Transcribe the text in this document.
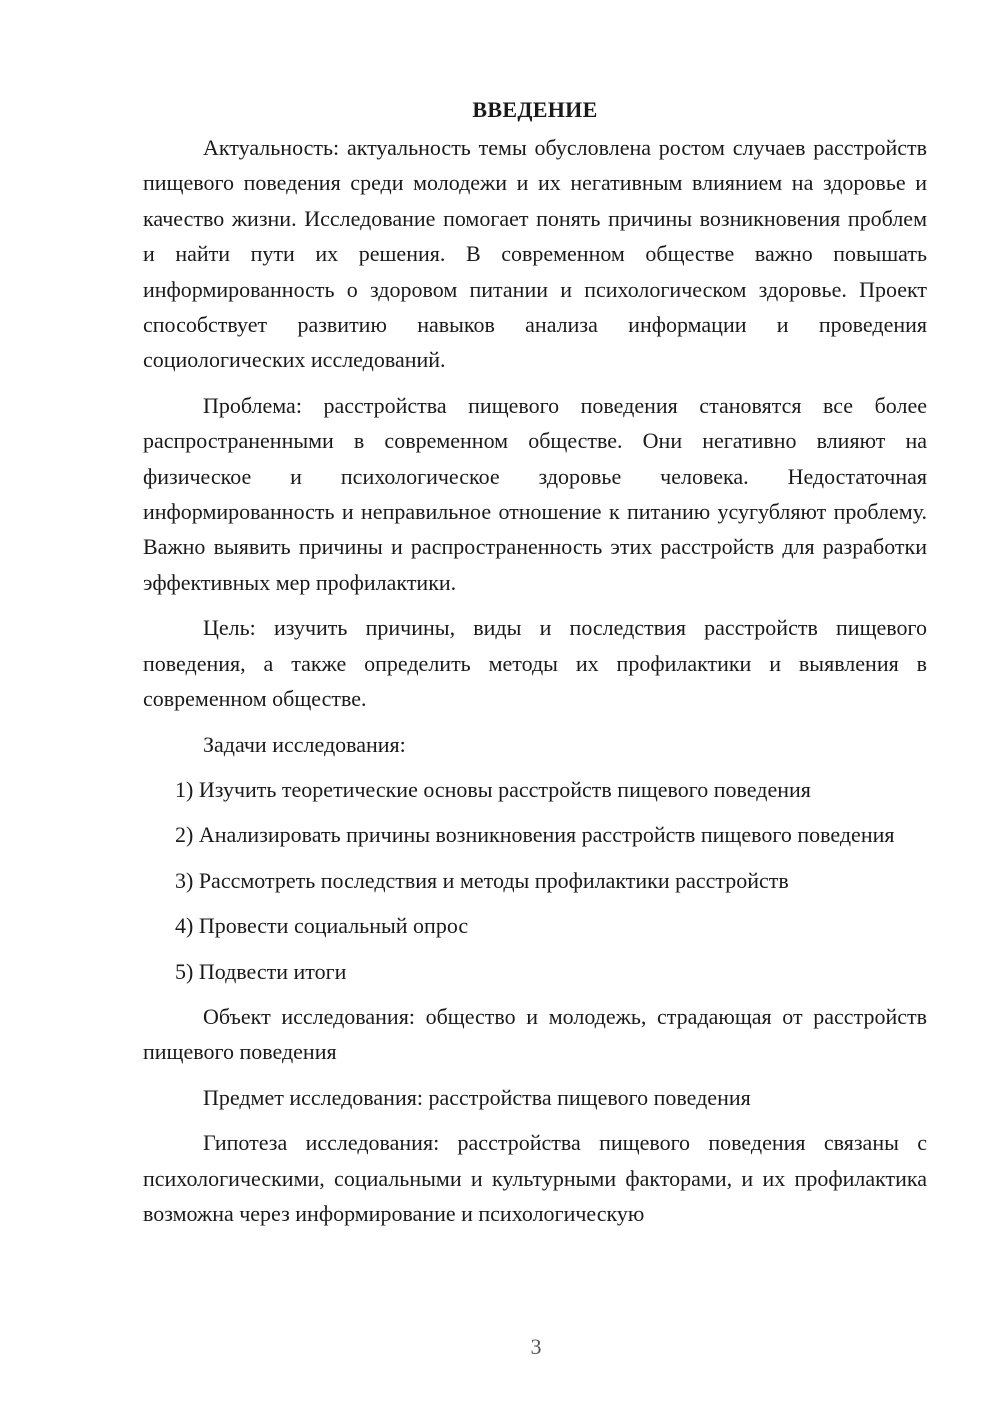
ВВЕДЕНИЕ

Актуальность: актуальность темы обусловлена ростом случаев расстройств пищевого поведения среди молодежи и их негативным влиянием на здоровье и качество жизни. Исследование помогает понять причины возникновения проблем и найти пути их решения. В современном обществе важно повышать информированность о здоровом питании и психологическом здоровье. Проект способствует развитию навыков анализа информации и проведения социологических исследований.

Проблема: расстройства пищевого поведения становятся все более распространенными в современном обществе. Они негативно влияют на физическое и психологическое здоровье человека. Недостаточная информированность и неправильное отношение к питанию усугубляют проблему. Важно выявить причины и распространенность этих расстройств для разработки эффективных мер профилактики.

Цель: изучить причины, виды и последствия расстройств пищевого поведения, а также определить методы их профилактики и выявления в современном обществе.

Задачи исследования:

1) Изучить теоретические основы расстройств пищевого поведения

2) Анализировать причины возникновения расстройств пищевого поведения

3) Рассмотреть последствия и методы профилактики расстройств

4) Провести социальный опрос

5) Подвести итоги

Объект исследования: общество и молодежь, страдающая от расстройств пищевого поведения

Предмет исследования: расстройства пищевого поведения

Гипотеза исследования: расстройства пищевого поведения связаны с психологическими, социальными и культурными факторами, и их профилактика возможна через информирование и психологическую

3
